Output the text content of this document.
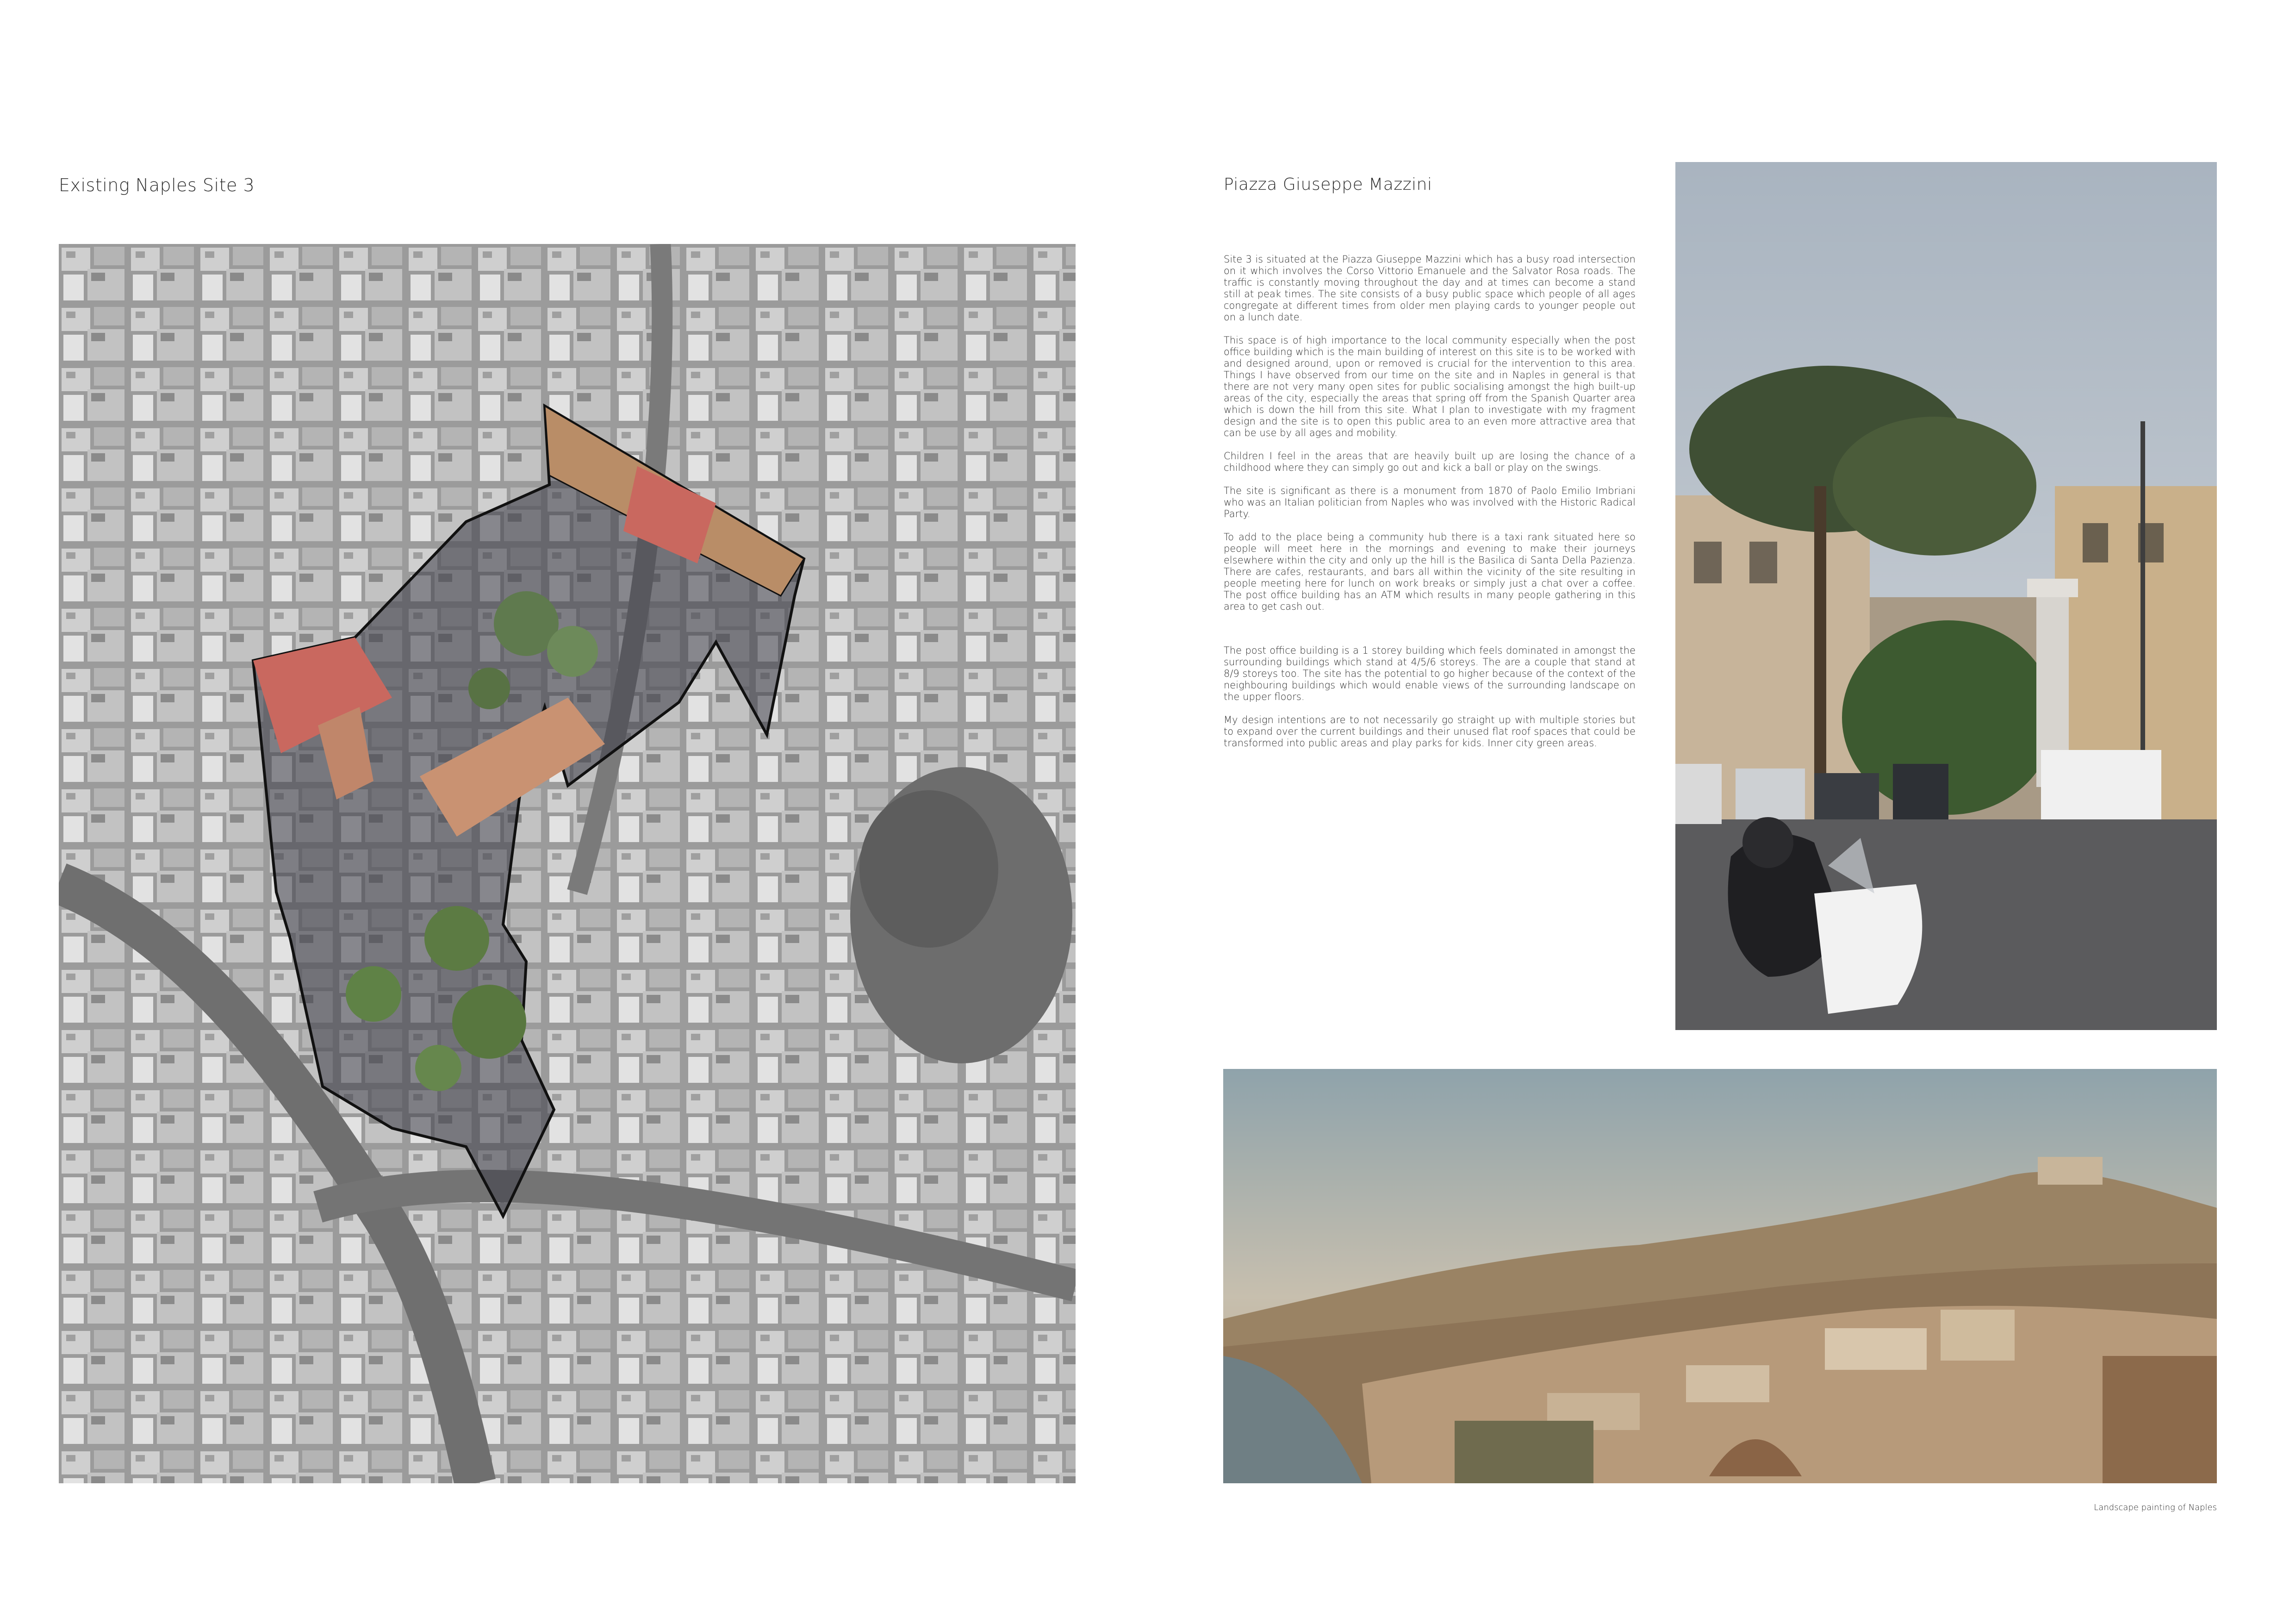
Existing Naples Site 3	Piazza Giuseppe Mazzini

Site 3 is situated at the Piazza Giuseppe Mazzini which has a busy road intersection on it which involves the Corso Vittorio Emanuele and the Salvator Rosa roads. The traffic is constantly moving throughout the day and at times can become a stand still at peak times. The site consists of a busy public space which people of all ages congregate at different times from older men playing cards to younger people out on a lunch date.

This space is of high importance to the local community especially when the post office building which is the main building of interest on this site is to be worked with and designed around, upon or removed is crucial for the intervention to this area. Things I have observed from our time on the site and in Naples in general is that there are not very many open sites for public socialising amongst the high built-up areas of the city, especially the areas that spring off from the Spanish Quarter area which is down the hill from this site. What I plan to investigate with my fragment design and the site is to open this public area to an even more attractive area that can be use by all ages and mobility.

Children I feel in the areas that are heavily built up are losing the chance of a childhood where they can simply go out and kick a ball or play on the swings.

The site is significant as there is a monument from 1870 of Paolo Emilio Imbriani who was an Italian politician from Naples who was involved with the Historic Radical Party.

To add to the place being a community hub there is a taxi rank situated here so people will meet here in the mornings and evening to make their journeys elsewhere within the city and only up the hill is the Basilica di Santa Della Pazienza. There are cafes, restaurants, and bars all within the vicinity of the site resulting in people meeting here for lunch on work breaks or simply just a chat over a coffee. The post office building has an ATM which results in many people gathering in this area to get cash out.

The post office building is a 1 storey building which feels dominated in amongst the surrounding buildings which stand at 4/5/6 storeys. The are a couple that stand at 8/9 storeys too. The site has the potential to go higher because of the context of the neighbouring buildings which would enable views of the surrounding landscape on the upper floors.

My design intentions are to not necessarily go straight up with multiple stories but to expand over the current buildings and their unused flat roof spaces that could be transformed into public areas and play parks for kids. Inner city green areas.

Landscape painting of Naples
